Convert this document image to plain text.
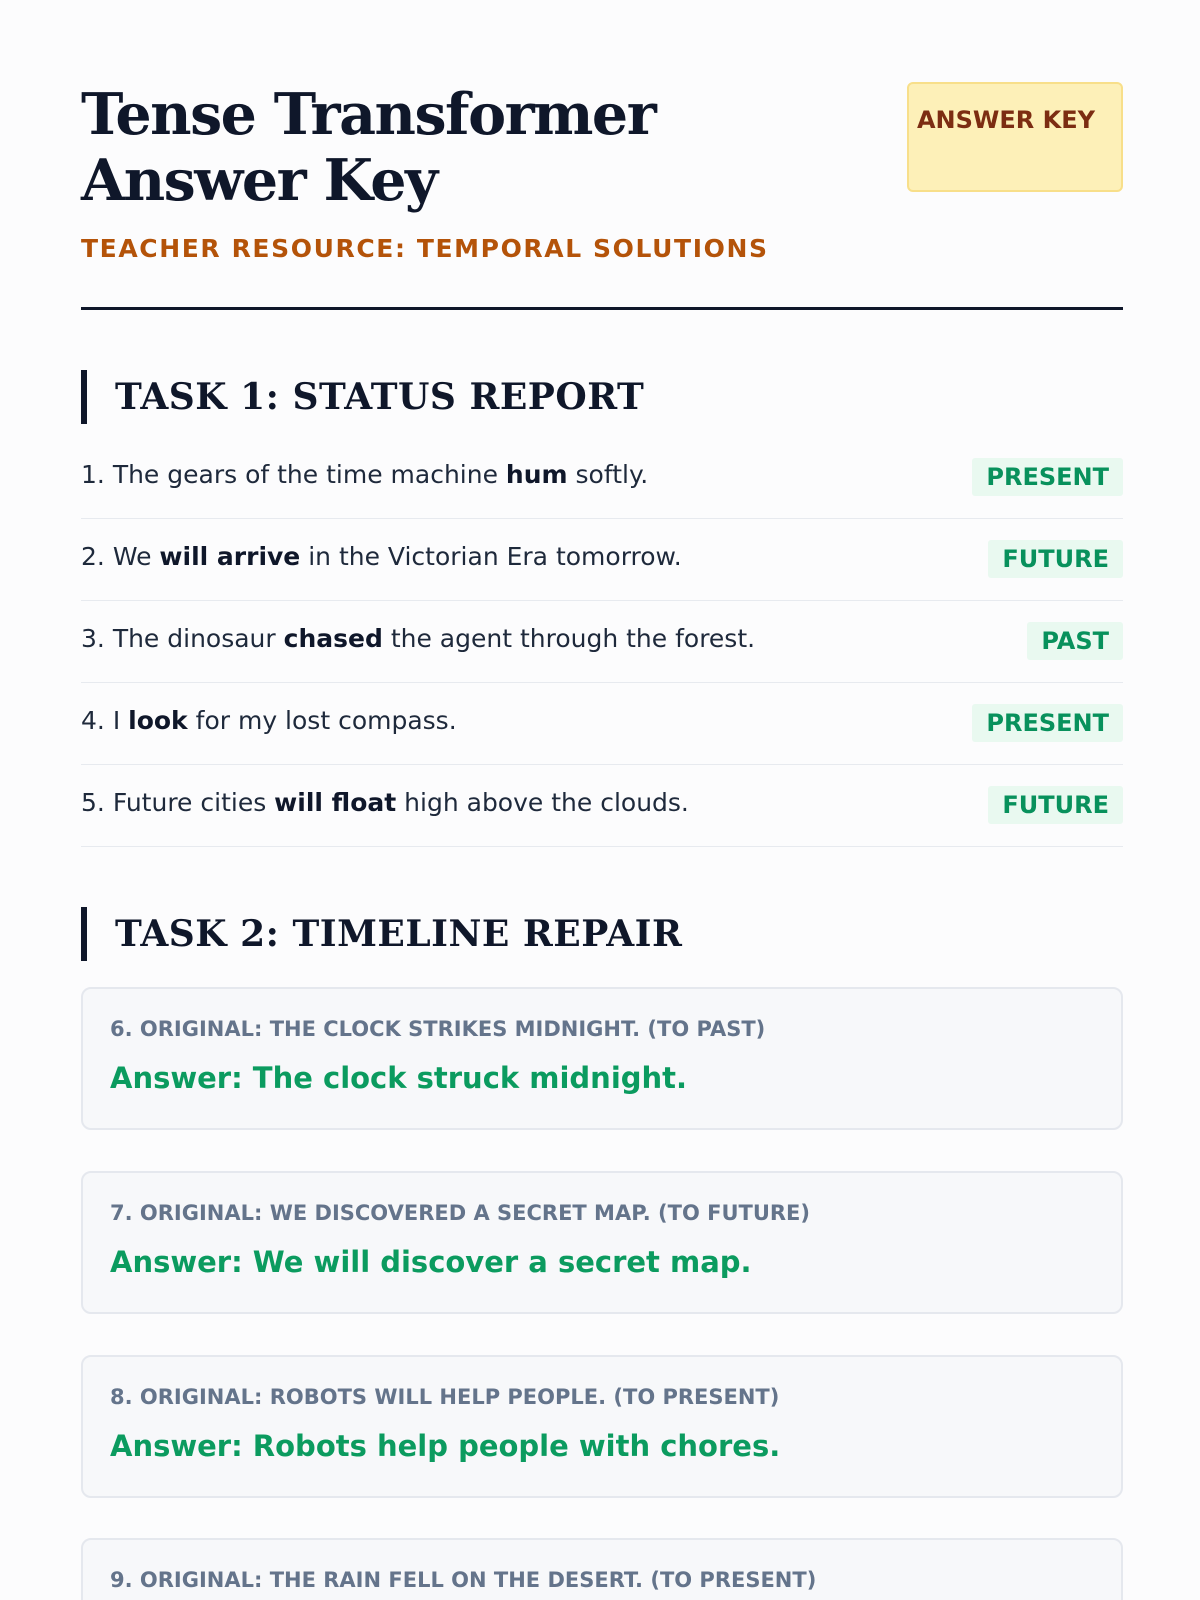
Tense Transformer Answer Key
TEACHER RESOURCE: TEMPORAL SOLUTIONS
ANSWER KEY
TASK 1: STATUS REPORT
1. The gears of the time machine hum softly.	PRESENT
2. We will arrive in the Victorian Era tomorrow.	FUTURE
3. The dinosaur chased the agent through the forest.	PAST
4. I look for my lost compass.	PRESENT
5. Future cities will float high above the clouds.	FUTURE
TASK 2: TIMELINE REPAIR
6. ORIGINAL: THE CLOCK STRIKES MIDNIGHT. (TO PAST)
Answer: The clock struck midnight.
7. ORIGINAL: WE DISCOVERED A SECRET MAP. (TO FUTURE)
Answer: We will discover a secret map.
8. ORIGINAL: ROBOTS WILL HELP PEOPLE. (TO PRESENT)
Answer: Robots help people with chores.
9. ORIGINAL: THE RAIN FELL ON THE DESERT. (TO PRESENT)
